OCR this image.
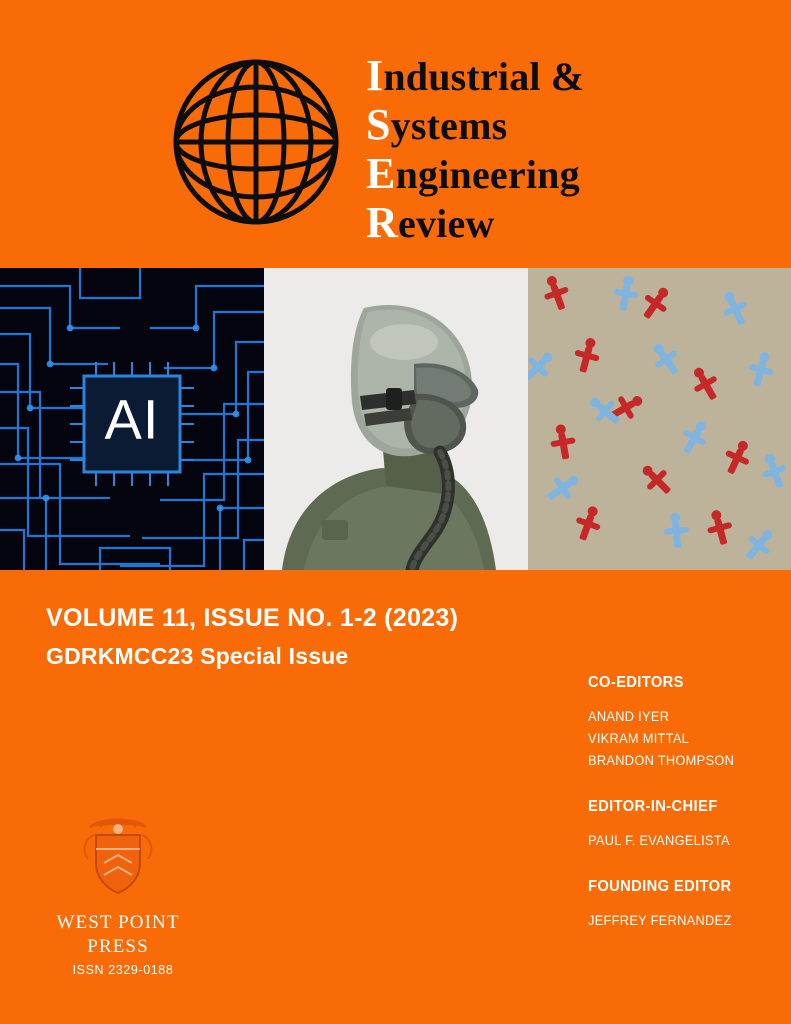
Industrial &
Systems
Engineering
Review
AI
VOLUME 11, ISSUE NO. 1-2 (2023)
GDRKMCC23 Special Issue
CO-EDITORS
ANAND IYER
VIKRAM MITTAL
BRANDON THOMPSON
EDITOR-IN-CHIEF
PAUL F. EVANGELISTA
FOUNDING EDITOR
JEFFREY FERNANDEZ
WEST POINT
PRESS
ISSN 2329-0188
